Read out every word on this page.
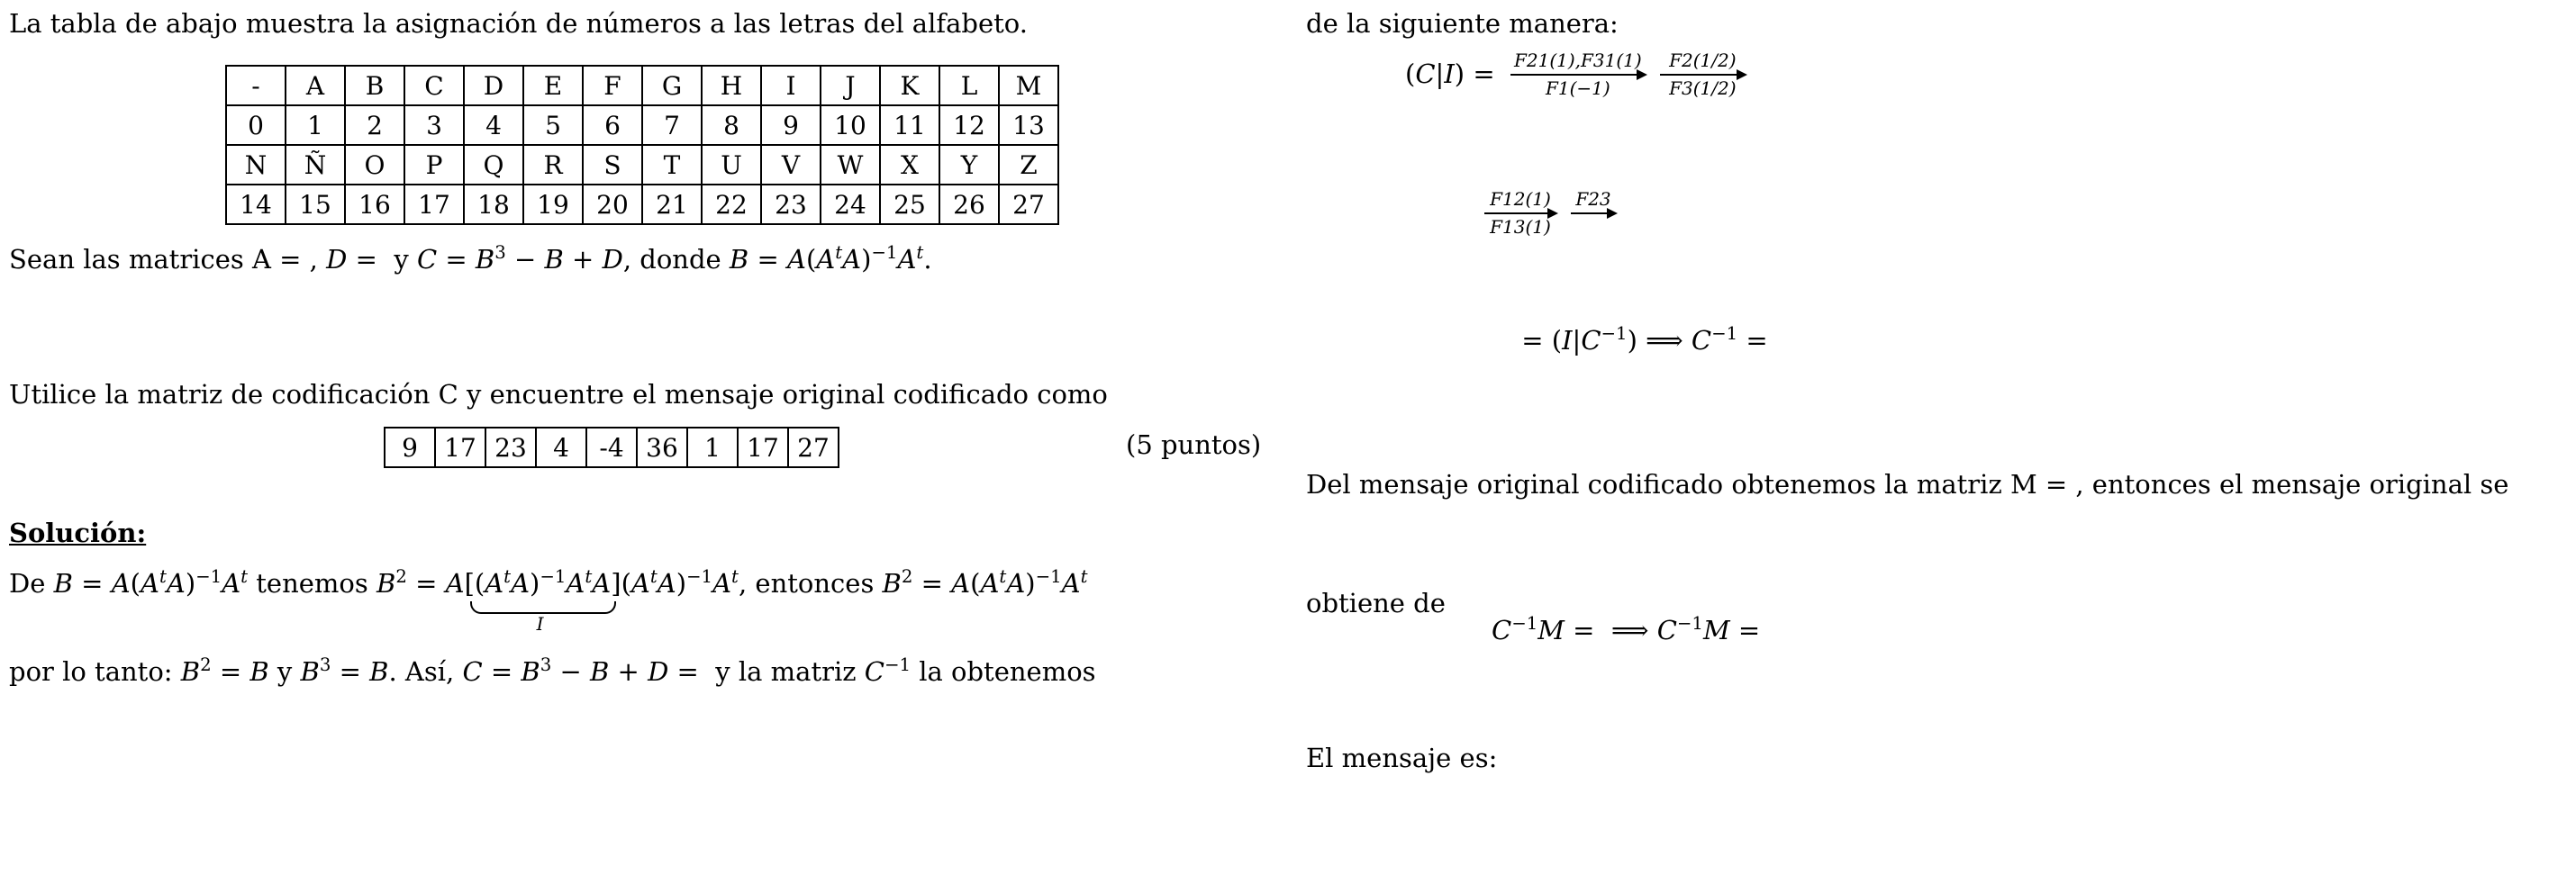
La tabla de abajo muestra la asignación de números a las letras del alfabeto.
-	A	B	C	D	E	F	G	H	I	J	K	L	M
0	1	2	3	4	5	6	7	8	9	10	11	12	13
N	Ñ	O	P	Q	R	S	T	U	V	W	X	Y	Z
14	15	16	17	18	19	20	21	22	23	24	25	26	27
Sean las matrices A =
, D = y $C = B^3 - B + D$, donde $B = A(A^tA)^{-1}A^t$.
Utilice la matriz de codificación C y encuentre el mensaje original codificado como
9	17	23	4	-4	36	1	17	27	(5 puntos)
Solución:
De $B = A(A^tA)^{-1}A^t$ tenemos $B^2 = A[(A^tA)^{-1}A^tA]$
I
$(A^tA)^{-1}A^t$, entonces $B^2 = A(A^tA)^{-1}A^t$
por lo tanto: $B^2 = B$ y $B^3 = B$. Así, $C = B^3 - B + D = y$ la matriz $C^{-1}$ la obtenemos
de la siguiente manera:
(C|I) = F21(1),F31(1)
F1(−1)
F2(1/2)
F3(1/2)
F12(1)
F13(1)
F23

= $(I|C^{-1})$ ⟹ $C^{-1}$ =
Del mensaje original codificado obtenemos la matriz M =
, entonces el mensaje original se
obtiene de
$C^{-1}M$ = ⟹ $C^{-1}M$ =
El mensaje es:
